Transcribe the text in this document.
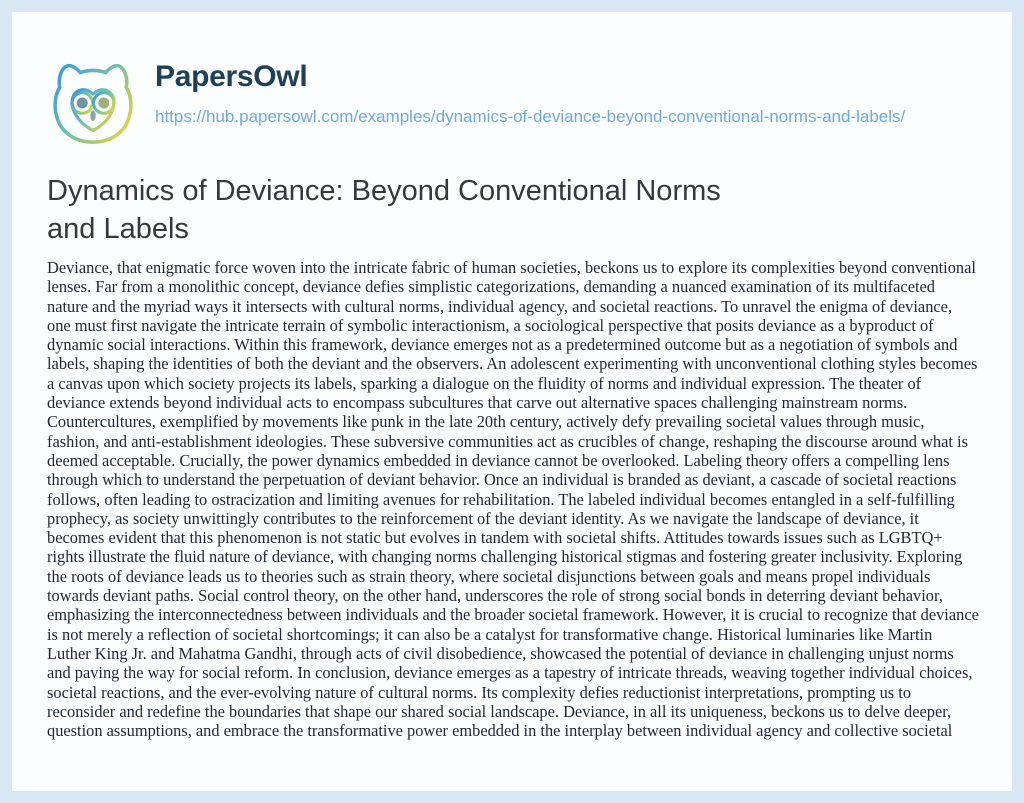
PapersOwl
https://hub.papersowl.com/examples/dynamics-of-deviance-beyond-conventional-norms-and-labels/
Dynamics of Deviance: Beyond Conventional Norms and Labels
Deviance, that enigmatic force woven into the intricate fabric of human societies, beckons us to explore its complexities beyond conventional lenses. Far from a monolithic concept, deviance defies simplistic categorizations, demanding a nuanced examination of its multifaceted nature and the myriad ways it intersects with cultural norms, individual agency, and societal reactions. To unravel the enigma of deviance, one must first navigate the intricate terrain of symbolic interactionism, a sociological perspective that posits deviance as a byproduct of dynamic social interactions. Within this framework, deviance emerges not as a predetermined outcome but as a negotiation of symbols and labels, shaping the identities of both the deviant and the observers. An adolescent experimenting with unconventional clothing styles becomes a canvas upon which society projects its labels, sparking a dialogue on the fluidity of norms and individual expression. The theater of deviance extends beyond individual acts to encompass subcultures that carve out alternative spaces challenging mainstream norms. Countercultures, exemplified by movements like punk in the late 20th century, actively defy prevailing societal values through music, fashion, and anti-establishment ideologies. These subversive communities act as crucibles of change, reshaping the discourse around what is deemed acceptable. Crucially, the power dynamics embedded in deviance cannot be overlooked. Labeling theory offers a compelling lens through which to understand the perpetuation of deviant behavior. Once an individual is branded as deviant, a cascade of societal reactions follows, often leading to ostracization and limiting avenues for rehabilitation. The labeled individual becomes entangled in a self-fulfilling prophecy, as society unwittingly contributes to the reinforcement of the deviant identity. As we navigate the landscape of deviance, it becomes evident that this phenomenon is not static but evolves in tandem with societal shifts. Attitudes towards issues such as LGBTQ+ rights illustrate the fluid nature of deviance, with changing norms challenging historical stigmas and fostering greater inclusivity. Exploring the roots of deviance leads us to theories such as strain theory, where societal disjunctions between goals and means propel individuals towards deviant paths. Social control theory, on the other hand, underscores the role of strong social bonds in deterring deviant behavior, emphasizing the interconnectedness between individuals and the broader societal framework. However, it is crucial to recognize that deviance is not merely a reflection of societal shortcomings; it can also be a catalyst for transformative change. Historical luminaries like Martin Luther King Jr. and Mahatma Gandhi, through acts of civil disobedience, showcased the potential of deviance in challenging unjust norms and paving the way for social reform. In conclusion, deviance emerges as a tapestry of intricate threads, weaving together individual choices, societal reactions, and the ever-evolving nature of cultural norms. Its complexity defies reductionist interpretations, prompting us to reconsider and redefine the boundaries that shape our shared social landscape. Deviance, in all its uniqueness, beckons us to delve deeper, question assumptions, and embrace the transformative power embedded in the interplay between individual agency and collective societal
